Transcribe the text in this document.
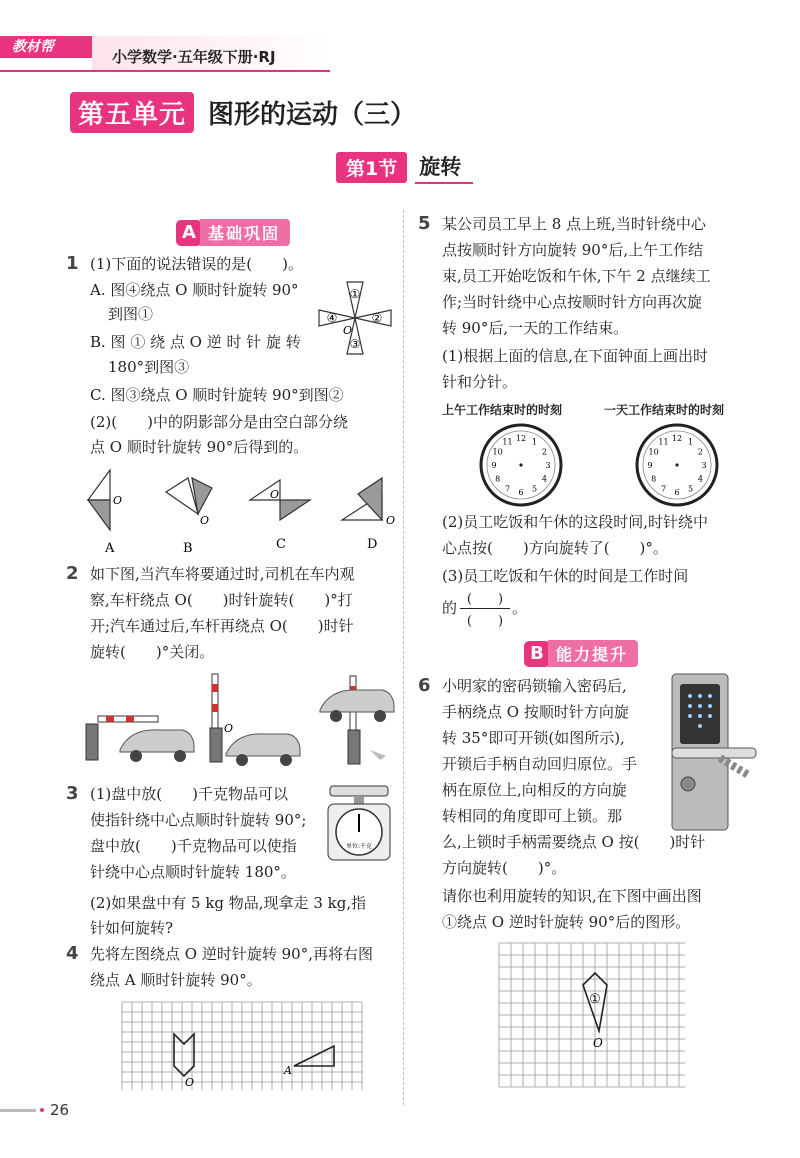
教材帮
小学数学·五年级下册·RJ
第五单元 图形的运动（三）
第1节	旋转
A 基础巩固
1 (1)下面的说法错误的是(　　)。
A. 图④绕点 O 顺时针旋转 90°
到图①
B. 图 ① 绕 点 O 逆 时 针 旋 转
180°到图③
C. 图③绕点 O 顺时针旋转 90°到图②
(2)(　　)中的阴影部分是由空白部分绕
点 O 顺时针旋转 90°后得到的。
①
②
③
④
O
O
A
O
B
O
C
O
D
2 如下图,当汽车将要通过时,司机在车内观
察,车杆绕点 O(　　)时针旋转(　　)°打
开;汽车通过后,车杆再绕点 O(　　)时针
旋转(　　)°关闭。
O
3 (1)盘中放(　　)千克物品可以
使指针绕中心点顺时针旋转 90°;
盘中放(　　)千克物品可以使指
针绕中心点顺时针旋转 180°。
(2)如果盘中有 5 kg 物品,现拿走 3 kg,指
针如何旋转?
单位:千克
4 先将左图绕点 O 逆时针旋转 90°,再将右图
绕点 A 顺时针旋转 90°。
O
A
5 某公司员工早上 8 点上班,当时针绕中心
点按顺时针方向旋转 90°后,上午工作结
束,员工开始吃饭和午休,下午 2 点继续工
作;当时针绕中心点按顺时针方向再次旋
转 90°后,一天的工作结束。
(1)根据上面的信息,在下面钟面上画出时
针和分针。
上午工作结束时的时刻	一天工作结束时的时刻
1
2
3
4
5
6
7
8
9
10
11 12	1
2
3
4
5
6
7
8
9
10
11 12
(2)员工吃饭和午休的这段时间,时针绕中
心点按(　　)方向旋转了(　　)°。
(3)员工吃饭和午休的时间是工作时间
的 (　　)
(　　)
。
B 能力提升
6 小明家的密码锁输入密码后,
手柄绕点 O 按顺时针方向旋
转 35°即可开锁(如图所示),
开锁后手柄自动回归原位。手
柄在原位上,向相反的方向旋
转相同的角度即可上锁。那
么,上锁时手柄需要绕点 O 按(　　)时针
方向旋转(　　)°。
请你也利用旋转的知识,在下图中画出图
①绕点 O 逆时针旋转 90°后的图形。
①
O
26
